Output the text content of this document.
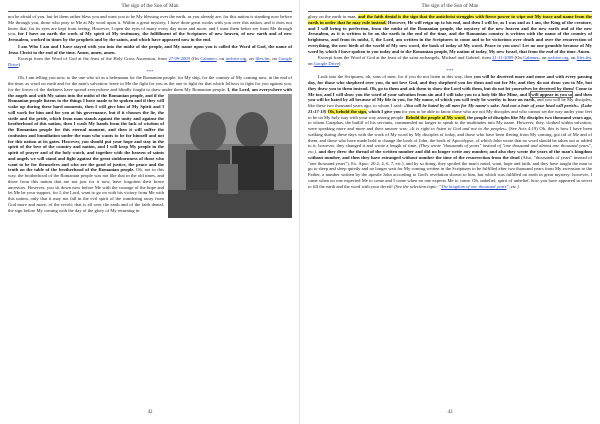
The sign of the Son of Man

not be afraid of you, but let them rather bless you and want you to be My blessing over the earth, as you already are, for this nation is standing now before Me through you, those who pray to Me at My word upon it. Within a great mystery, I have done great works with you over this nation, and it does not know that, for its eyes are kept from seeing. However, I open the eyes of many every day more and more, and I want them better see from Me through you, for I have on earth the work of My spirit of My testimony, the fulfillment of the Scriptures of new heaven, of new earth and of new Jerusalem, worked in times by the prophets and by the saints, and which have appeared now in the end.

I am Who I am and I have stayed with you into the midst of the people, and My name upon you is called the Word of God, the name of Jesus Christ in the end of the time. Amen, amen, amen.

Excerpt from the Word of God at the feast of the Holy Cross Ascension, from 27-09-2009 (On Calameo, on archive.org, on files.fm, on Google Drive)

***

Oh, I am telling you now, to the one who sit as a helmsman for the Romanian people, for My ship, for the country of My coming now, in the end of the time, as word on earth and for the man's salvation: leave to Me the fight for you as the one to fight for that which follows to fight for you against you, for the forces of the darkness have spread everywhere and blindly fought to draw under them My Romanian people.
I, the Lord, am everywhere with the angels and with My saints into the midst of the Romanian people, and if the Romanian people listens to the things I have made to be spoken and if they will wake up during these hard moments, then I will give him of My Spirit and I will work for him and for you at his governance, but if it chooses the lie, the strife and the pride, which from man stands against the unity and against the brotherhood of this nation, then I wash My hands from the lack of wisdom of the Romanian people for this eternal moment, and then it will suffer the confusion and humiliation under the man who wants to be for himself and not for this nation at its gates. However, you should put your hope and stay in the spirit of the love of the country and nation, and I will keep My people in the spirit of prayer and of the holy watch, and together with the heaven of saints and angels we will stand and fight against the great stubbornness of those who want to be for themselves and who are the good of justice, the peace and the truth on the table of the brotherhood of the Romanian people. Oh, not in this way, the brotherhood of the Romanian people was not like that in the old times, and those from this nation that are not just for it now, have forgotten their brave ancestors. However, you sit down now before Me with the courage of the hope and let Me be your support, for I, the Lord, want to go on with his victory from Me with this nation, only that it may not fall in the evil spirit of the wandering away from God more and more, of the revolt; that is all over the earth and of the faith denial, the sign before My coming with the day of the glory of My returning in

42
The sign of the Son of Man

glory on the earth to man, and the faith denial is the sign that the antichrist struggles with fierce power to wipe out My trace and name from the earth in order that he may rule instead. However, He will reign up to his end, and then I will be, as I was and as I am, the King of the creature, and I will bring to perfection, from the midst of the Romanian people, the mystery of the new heaven and the new earth and of the new Jerusalem, as it is written to be on the earth in the end of the time, and the Romanian country is written with the name of the country of brightness, and from its midst, I, the Lord, am written in the Scriptures to come and to be victorious over death and over the resurrection of everything, the new birth of the world of My new word, the book of today of My word. Peace to you now! Let no one grumble because of My word by which I have spoken to you today and to the Romanian people, My nation of today, My new Israel, that from the end of the time. Amen.

Excerpt from the Word of God at the feast of the saint archangels, Michael and Gabriel, from 21-11-2009 (On Calameo, on archive.org, on files.fm, on Google Drive)

***

Look into the Scriptures, oh, sons of men, for if you do not listen in this way, then you will be deceived more and more and with every passing day, for those who shepherd over you, do not love God, and they shepherd you for them and not for Me, and they do not draw you to Me, but they draw you to them instead. Oh, go to them and ask them to show the Lord with them, but do not let yourselves be deceived by them! Come to Me too, and I will show you the word of your salvation from sin and I will take you to a holy life like Mine, and I will appear in you so, and then you will be hated by all because of My life in you, for My name, of which you will truly be worthy to hear on earth, and you will be My disciples, like these two thousand years ago, to whom I said: «You will be hated by all men for My name's sake. And not a hair of your head will perish». (Luke 21:17-18) Oh, behold the sign, which I give you for you to be able to know those who are not My disciples and who cannot set the way under your feet to be on My holy way with your way among people. Behold the people of My word, the people of disciples like My disciples two thousand years ago, to whom Caiaphas, the bailiff of his servants, commanded no longer to speak to the multitudes into My name. However, they, clothed within salvation, were speaking more and more and their answer was: «It is right to listen to God and not to the peoples» (See Acts 4:19) Oh, this is how I have been walking during these days with the work of My word by My disciples of today, and those who have been fleeing from My coming, got rid of Me and of them, and those who have made bold to change the book of John, the book of Apocalypse, of which John wrote that no word should be taken out or added to it; however, they changed it and wrote a length of time, (They wrote "thousands of years" instead of "one thousand and almost one thousand years", etc.), and they drew the thread of the written number and did no longer write any number, and also they wrote the years of the man's kingdom without number, and then they have estranged without number the time of the resurrection from the dead (Also, "thousands of years" instead of "one thousand years"). Ex. Apoc. 20:2, 4, 6, 7, etc.), and by so doing, they spoiled the man's mind, want, hope and faith, and they have taught the man to go to sleep and sleep quietly and no longer wait for My coming written in the Scriptures to be fulfilled after two thousand years from My ascension to the Father, a number written by the apostle John according to God's revelation shown to him, but which was fulfilled on earth in great mystery; however, I came when no one expected Me to come and I come when no one expects Me to come. Oh, unbelief, spirit of unbelief, how you have appeared in secret to fill the earth and the word with your deceit! (See the selection topic: "The kingdom of one thousand years", etc.)

43
